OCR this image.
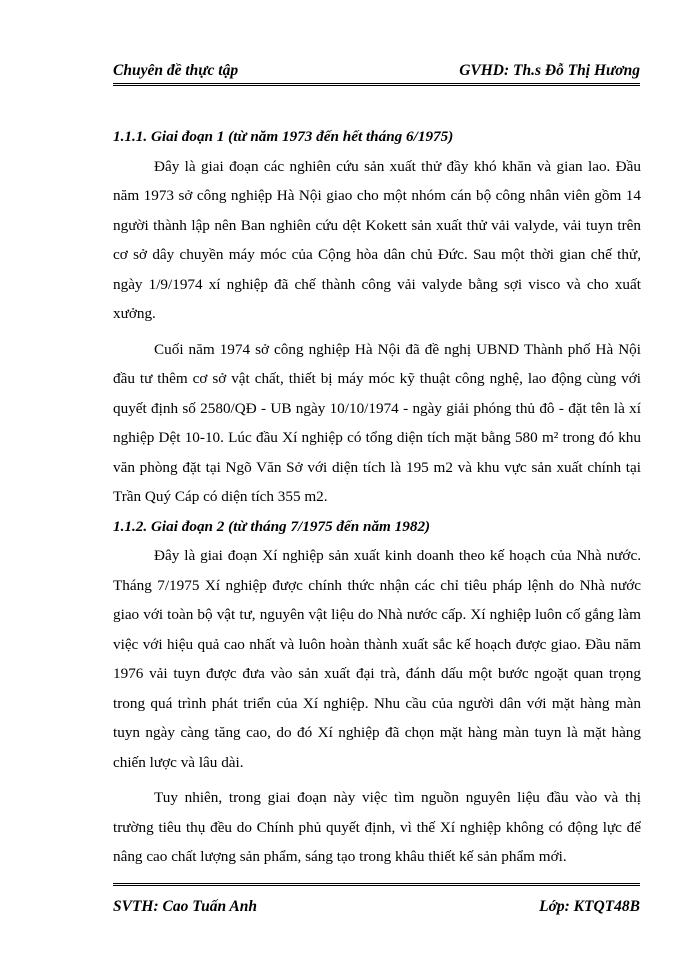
Chuyên đề thực tập	GVHD: Th.s Đỗ Thị Hương
1.1.1. Giai đoạn 1 (từ năm 1973 đến hết tháng 6/1975)

Đây là giai đoạn các nghiên cứu sản xuất thử đầy khó khăn và gian lao. Đầu năm 1973 sở công nghiệp Hà Nội giao cho một nhóm cán bộ công nhân viên gồm 14 người thành lập nên Ban nghiên cứu dệt Kokett sản xuất thử vải valyde, vải tuyn trên cơ sở dây chuyền máy móc của Cộng hòa dân chủ Đức. Sau một thời gian chế thử, ngày 1/9/1974 xí nghiệp đã chế thành công vải valyde bằng sợi visco và cho xuất xưởng.

Cuối năm 1974 sở công nghiệp Hà Nội đã đề nghị UBND Thành phố Hà Nội đầu tư thêm cơ sở vật chất, thiết bị máy móc kỹ thuật công nghệ, lao động cùng với quyết định số 2580/QĐ - UB ngày 10/10/1974 - ngày giải phóng thủ đô - đặt tên là xí nghiệp Dệt 10-10. Lúc đầu Xí nghiệp có tổng diện tích mặt bằng 580 m² trong đó khu văn phòng đặt tại Ngõ Văn Sở với diện tích là 195 m2 và khu vực sản xuất chính tại Trần Quý Cáp có diện tích 355 m2.

1.1.2. Giai đoạn 2 (từ tháng 7/1975 đến năm 1982)

Đây là giai đoạn Xí nghiệp sản xuất kinh doanh theo kế hoạch của Nhà nước. Tháng 7/1975 Xí nghiệp được chính thức nhận các chỉ tiêu pháp lệnh do Nhà nước giao với toàn bộ vật tư, nguyên vật liệu do Nhà nước cấp. Xí nghiệp luôn cố gắng làm việc với hiệu quả cao nhất và luôn hoàn thành xuất sắc kế hoạch được giao. Đầu năm 1976 vải tuyn được đưa vào sản xuất đại trà, đánh dấu một bước ngoặt quan trọng trong quá trình phát triển của Xí nghiệp. Nhu cầu của người dân với mặt hàng màn tuyn ngày càng tăng cao, do đó Xí nghiệp đã chọn mặt hàng màn tuyn là mặt hàng chiến lược và lâu dài.

Tuy nhiên, trong giai đoạn này việc tìm nguồn nguyên liệu đầu vào và thị trường tiêu thụ đều do Chính phủ quyết định, vì thế Xí nghiệp không có động lực để nâng cao chất lượng sản phẩm, sáng tạo trong khâu thiết kế sản phẩm mới.

SVTH: Cao Tuấn Anh	Lớp: KTQT48B
